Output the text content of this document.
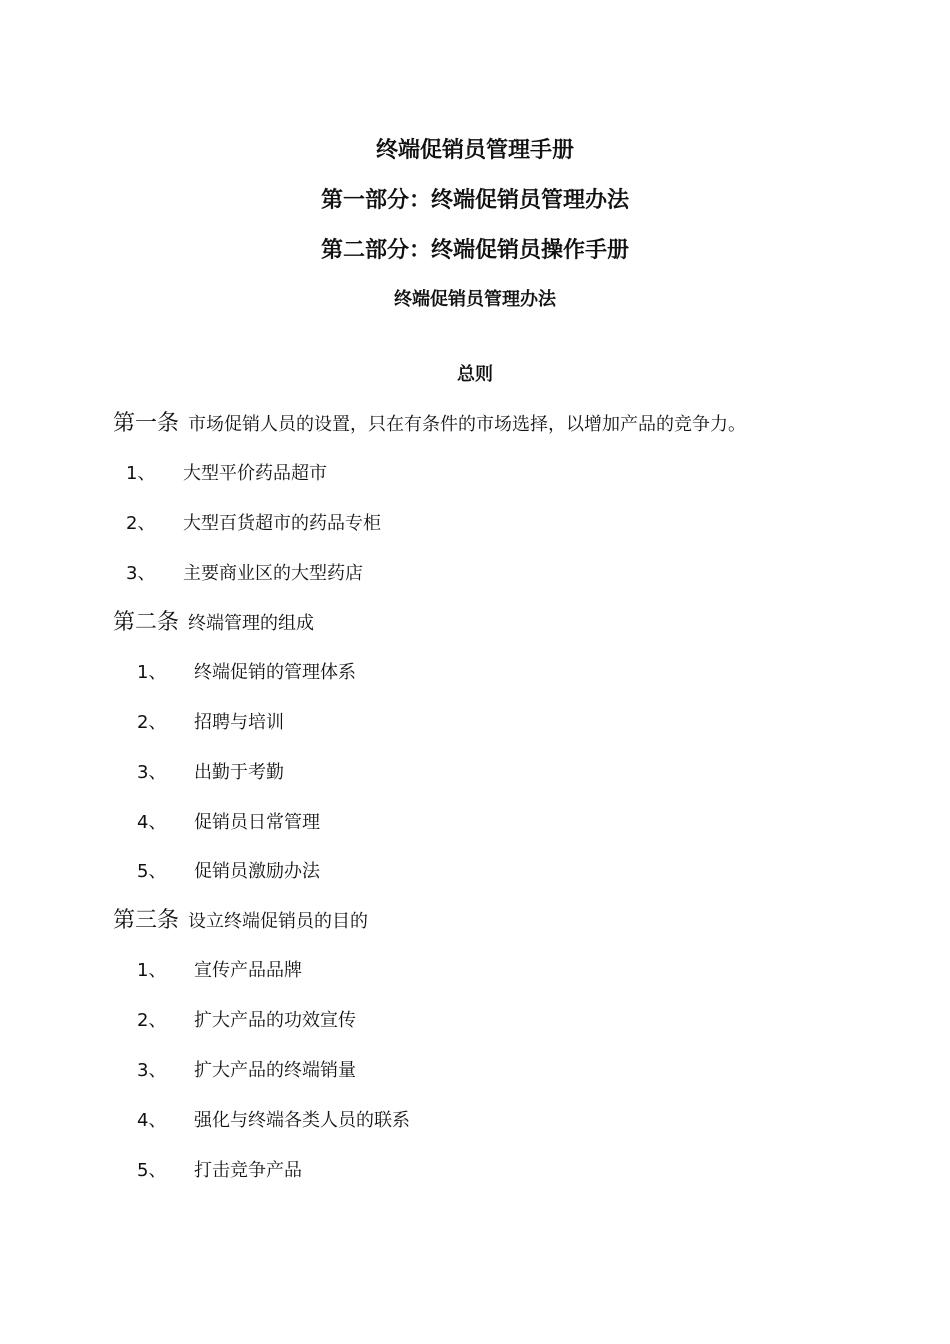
终端促销员管理手册
第一部分：终端促销员管理办法
第二部分：终端促销员操作手册
终端促销员管理办法
总则
第一条 市场促销人员的设置，只在有条件的市场选择，以增加产品的竞争力。
1、 大型平价药品超市
2、 大型百货超市的药品专柜
3、 主要商业区的大型药店
第二条 终端管理的组成
1、 终端促销的管理体系
2、 招聘与培训
3、 出勤于考勤
4、 促销员日常管理
5、 促销员激励办法
第三条 设立终端促销员的目的
1、 宣传产品品牌
2、 扩大产品的功效宣传
3、 扩大产品的终端销量
4、 强化与终端各类人员的联系
5、 打击竞争产品
